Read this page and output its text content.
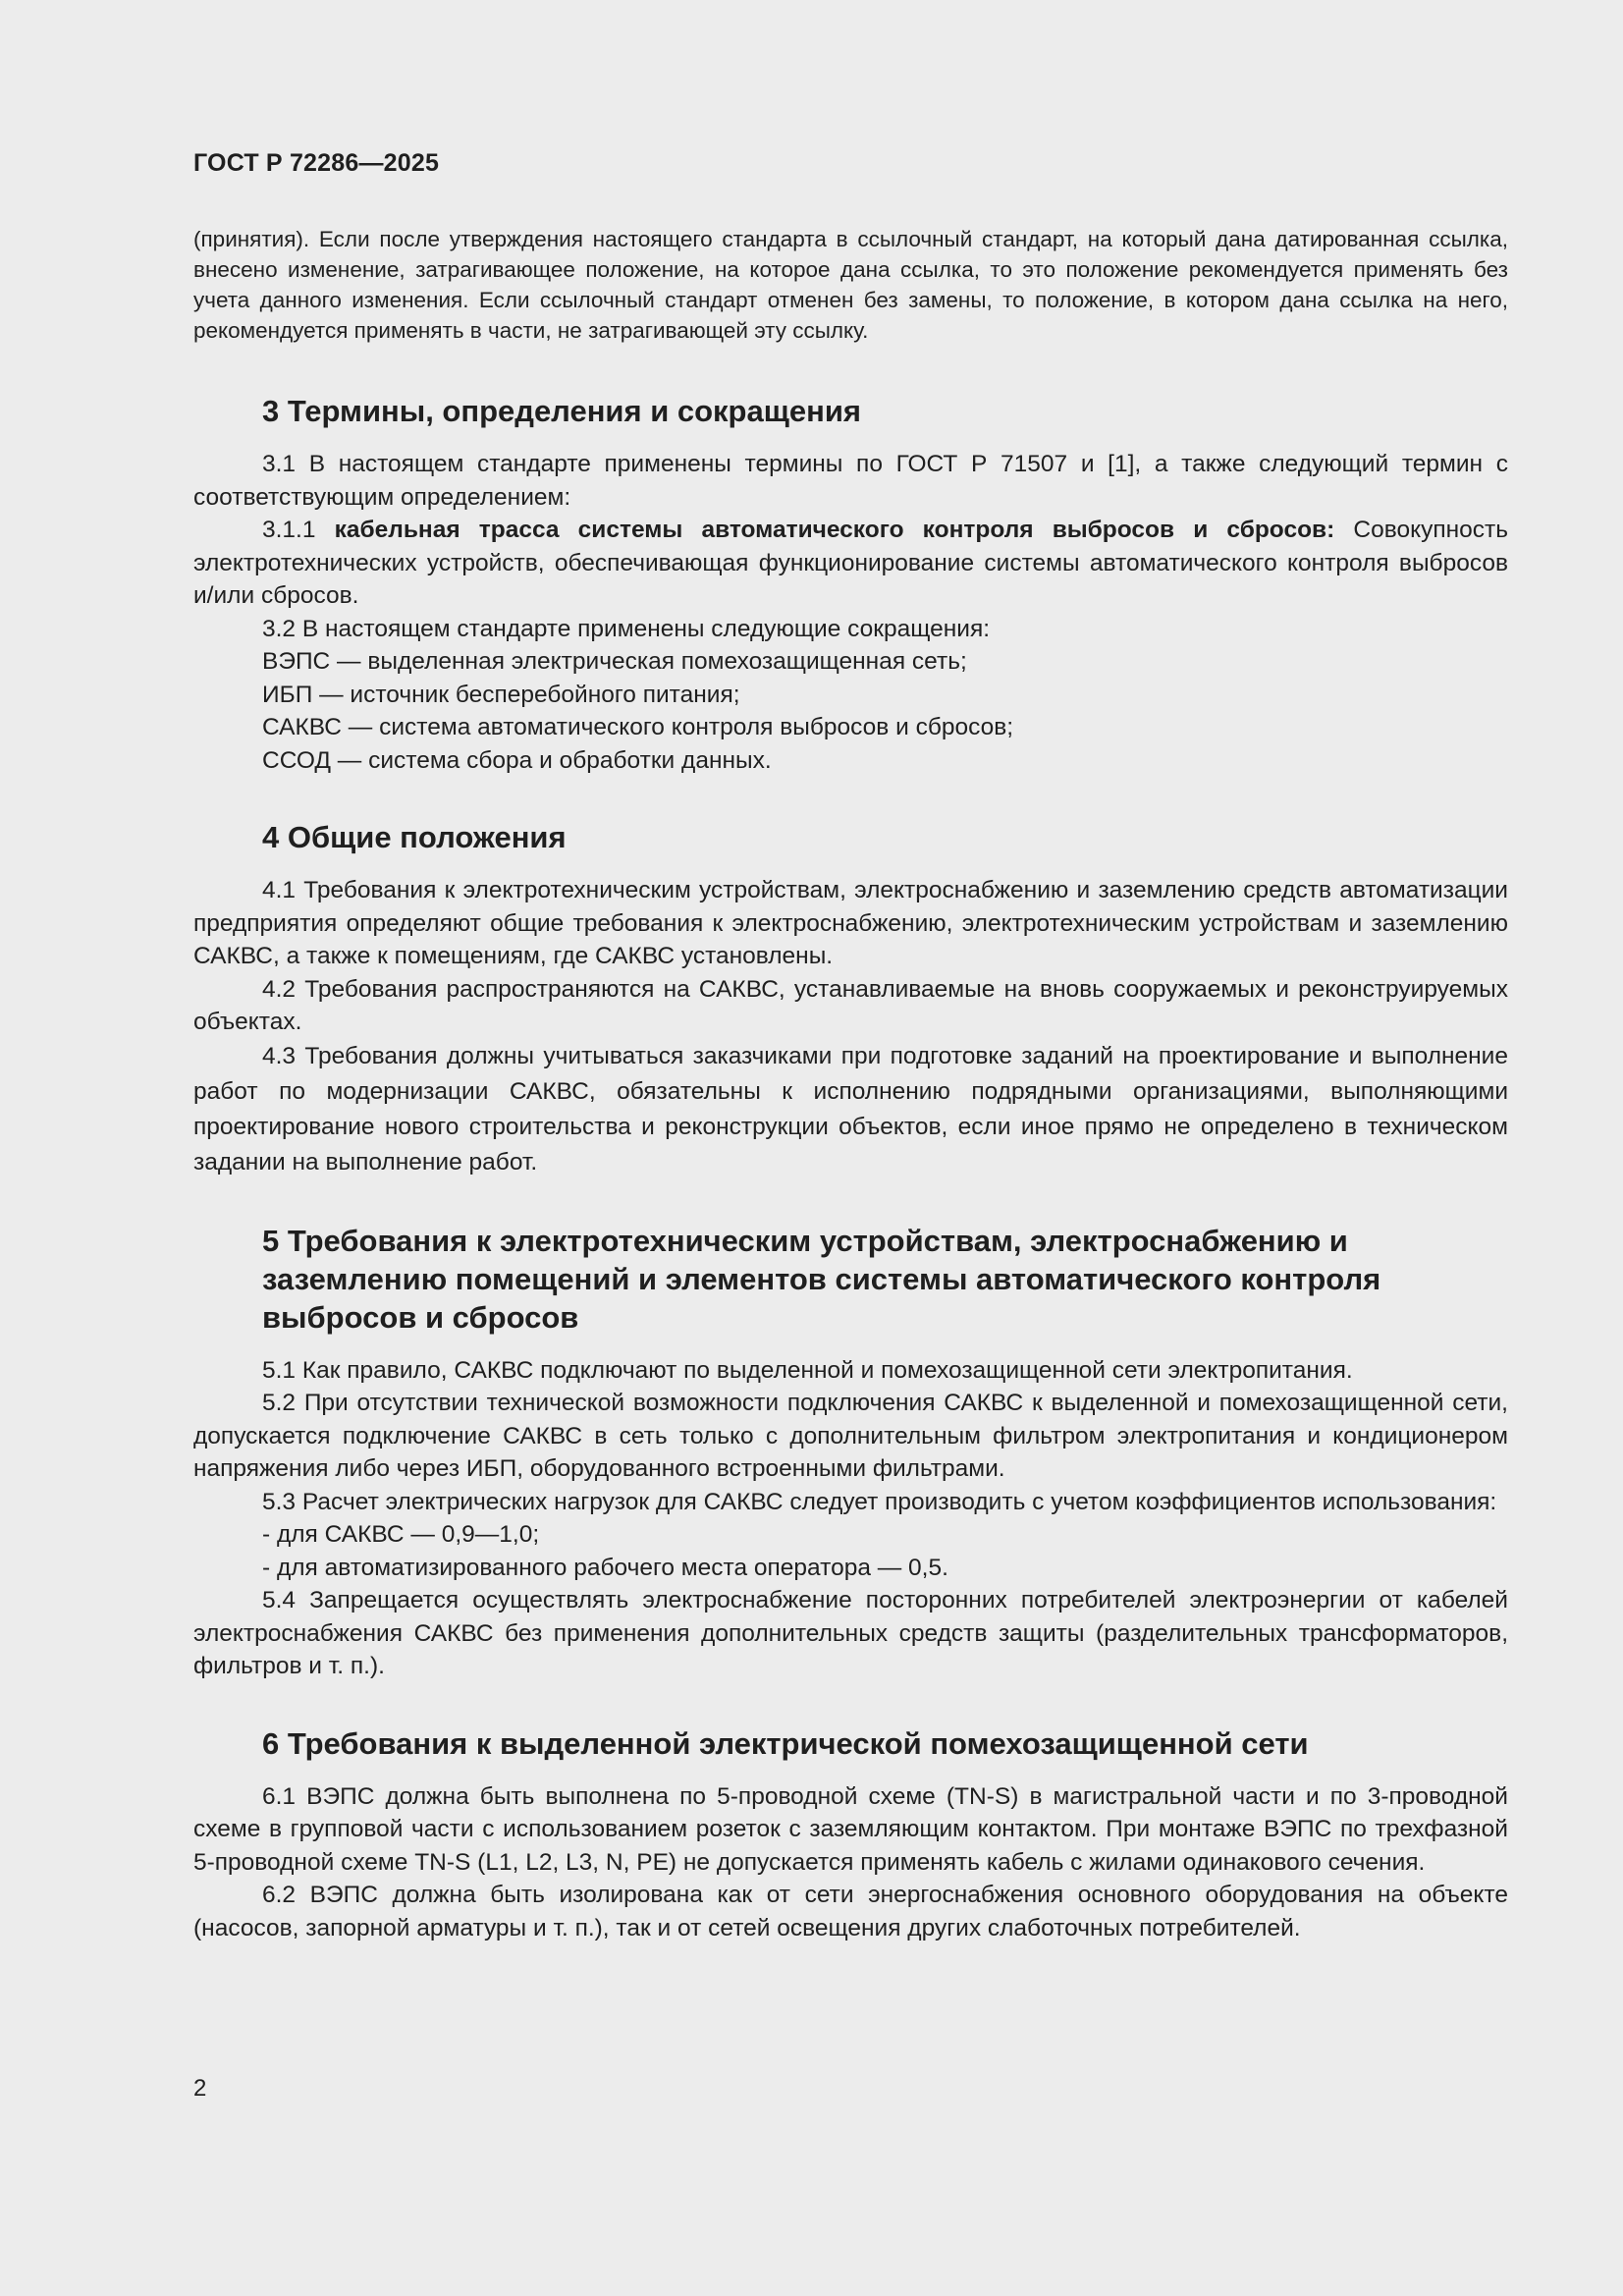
ГОСТ Р 72286—2025

(принятия). Если после утверждения настоящего стандарта в ссылочный стандарт, на который дана датированная ссылка, внесено изменение, затрагивающее положение, на которое дана ссылка, то это положение рекомендуется применять без учета данного изменения. Если ссылочный стандарт отменен без замены, то положение, в котором дана ссылка на него, рекомендуется применять в части, не затрагивающей эту ссылку.

3 Термины, определения и сокращения

3.1 В настоящем стандарте применены термины по ГОСТ Р 71507 и [1], а также следующий термин с соответствующим определением:

3.1.1 кабельная трасса системы автоматического контроля выбросов и сбросов: Совокупность электротехнических устройств, обеспечивающая функционирование системы автоматического контроля выбросов и/или сбросов.

3.2 В настоящем стандарте применены следующие сокращения:

ВЭПС — выделенная электрическая помехозащищенная сеть;

ИБП — источник бесперебойного питания;

САКВС — система автоматического контроля выбросов и сбросов;

ССОД — система сбора и обработки данных.

4 Общие положения

4.1 Требования к электротехническим устройствам, электроснабжению и заземлению средств автоматизации предприятия определяют общие требования к электроснабжению, электротехническим устройствам и заземлению САКВС, а также к помещениям, где САКВС установлены.

4.2 Требования распространяются на САКВС, устанавливаемые на вновь сооружаемых и реконструируемых объектах.

4.3 Требования должны учитываться заказчиками при подготовке заданий на проектирование и выполнение работ по модернизации САКВС, обязательны к исполнению подрядными организациями, выполняющими проектирование нового строительства и реконструкции объектов, если иное прямо не определено в техническом задании на выполнение работ.

5 Требования к электротехническим устройствам, электроснабжению и заземлению помещений и элементов системы автоматического контроля выбросов и сбросов

5.1 Как правило, САКВС подключают по выделенной и помехозащищенной сети электропитания.

5.2 При отсутствии технической возможности подключения САКВС к выделенной и помехозащищенной сети, допускается подключение САКВС в сеть только с дополнительным фильтром электропитания и кондиционером напряжения либо через ИБП, оборудованного встроенными фильтрами.

5.3 Расчет электрических нагрузок для САКВС следует производить с учетом коэффициентов использования:

- для САКВС — 0,9—1,0;

- для автоматизированного рабочего места оператора — 0,5.

5.4 Запрещается осуществлять электроснабжение посторонних потребителей электроэнергии от кабелей электроснабжения САКВС без применения дополнительных средств защиты (разделительных трансформаторов, фильтров и т. п.).

6 Требования к выделенной электрической помехозащищенной сети

6.1 ВЭПС должна быть выполнена по 5-проводной схеме (TN-S) в магистральной части и по 3-проводной схеме в групповой части с использованием розеток с заземляющим контактом. При монтаже ВЭПС по трехфазной 5-проводной схеме TN-S (L1, L2, L3, N, PE) не допускается применять кабель с жилами одинакового сечения.

6.2 ВЭПС должна быть изолирована как от сети энергоснабжения основного оборудования на объекте (насосов, запорной арматуры и т. п.), так и от сетей освещения других слаботочных потребителей.

2
